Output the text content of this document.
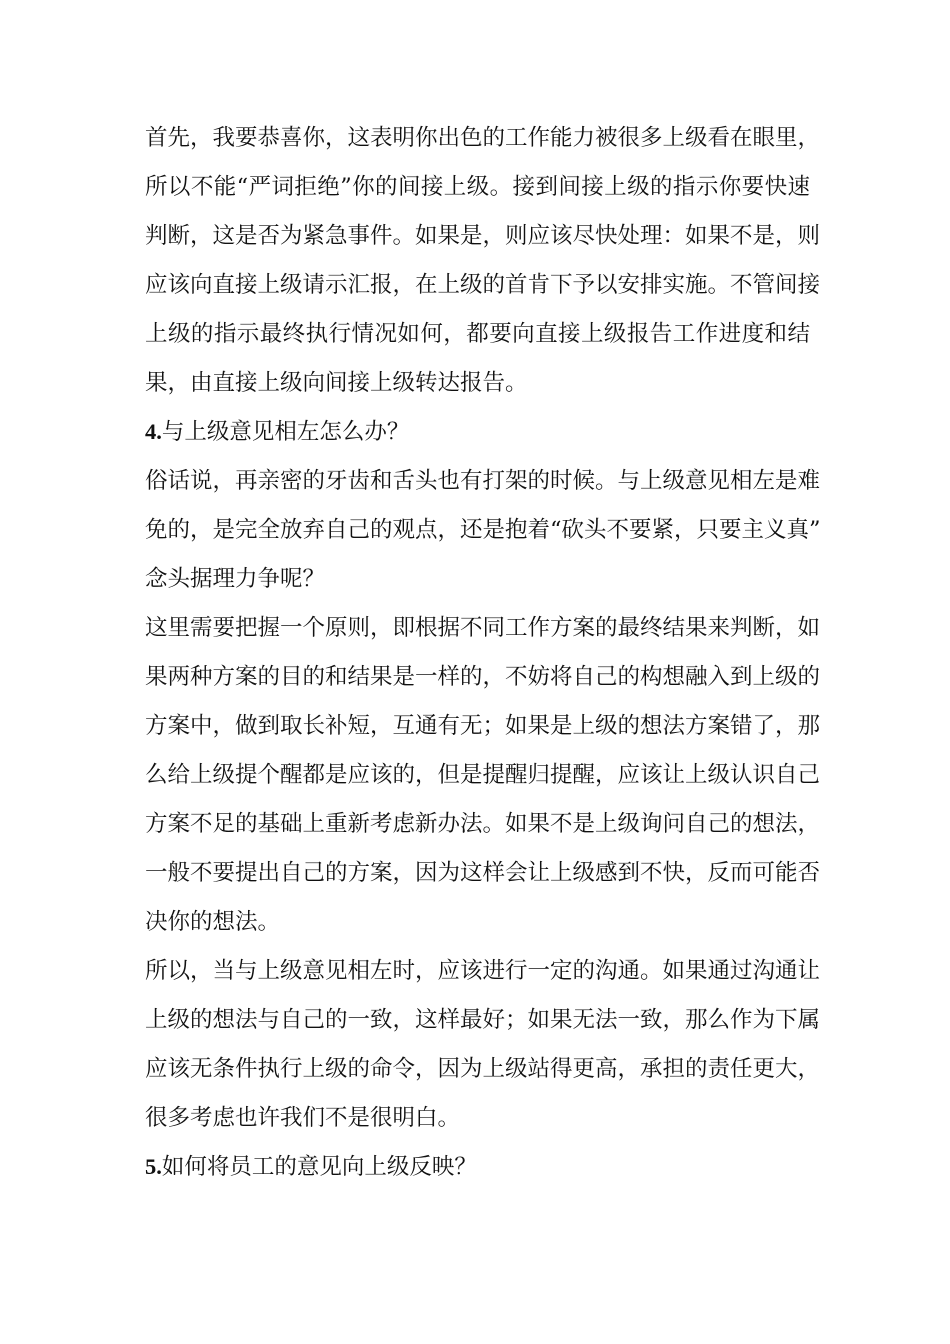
首先，我要恭喜你，这表明你出色的工作能力被很多上级看在眼里，
所以不能“严词拒绝”你的间接上级。接到间接上级的指示你要快速
判断，这是否为紧急事件。如果是，则应该尽快处理：如果不是，则
应该向直接上级请示汇报，在上级的首肯下予以安排实施。不管间接
上级的指示最终执行情况如何，都要向直接上级报告工作进度和结
果，由直接上级向间接上级转达报告。
4.与上级意见相左怎么办？
俗话说，再亲密的牙齿和舌头也有打架的时候。与上级意见相左是难
免的，是完全放弃自己的观点，还是抱着“砍头不要紧，只要主义真”
念头据理力争呢？
这里需要把握一个原则，即根据不同工作方案的最终结果来判断，如
果两种方案的目的和结果是一样的，不妨将自己的构想融入到上级的
方案中，做到取长补短，互通有无；如果是上级的想法方案错了，那
么给上级提个醒都是应该的，但是提醒归提醒，应该让上级认识自己
方案不足的基础上重新考虑新办法。如果不是上级询问自己的想法，
一般不要提出自己的方案，因为这样会让上级感到不快，反而可能否
决你的想法。
所以，当与上级意见相左时，应该进行一定的沟通。如果通过沟通让
上级的想法与自己的一致，这样最好；如果无法一致，那么作为下属
应该无条件执行上级的命令，因为上级站得更高，承担的责任更大，
很多考虑也许我们不是很明白。
5.如何将员工的意见向上级反映？
